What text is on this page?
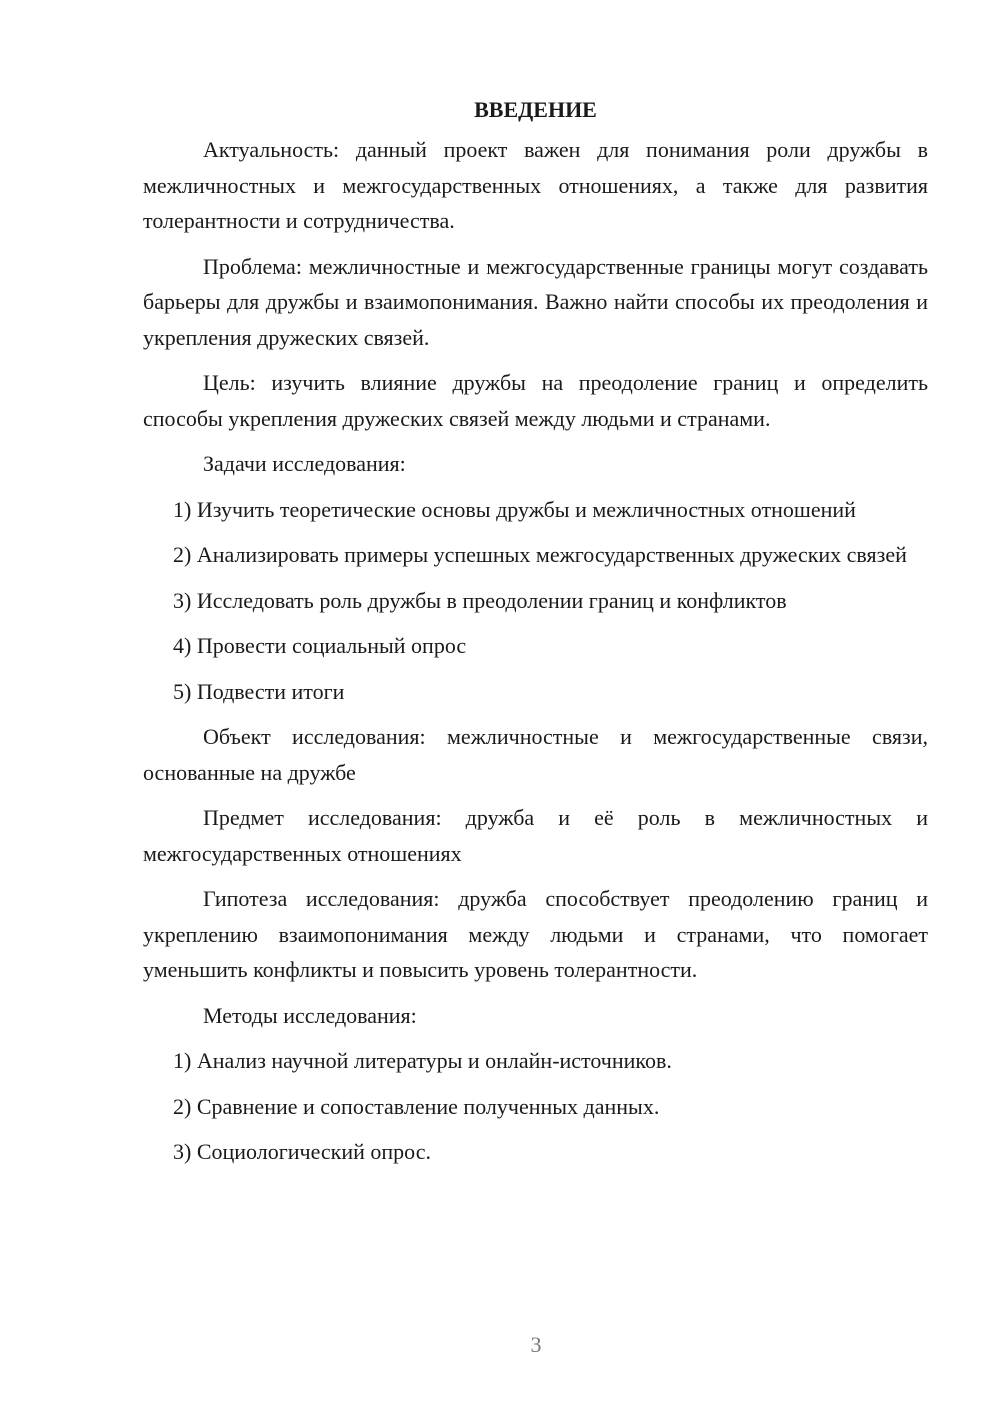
ВВЕДЕНИЕ

Актуальность: данный проект важен для понимания роли дружбы в межличностных и межгосударственных отношениях, а также для развития толерантности и сотрудничества.

Проблема: межличностные и межгосударственные границы могут создавать барьеры для дружбы и взаимопонимания. Важно найти способы их преодоления и укрепления дружеских связей.

Цель: изучить влияние дружбы на преодоление границ и определить способы укрепления дружеских связей между людьми и странами.

Задачи исследования:

1) Изучить теоретические основы дружбы и межличностных отношений

2) Анализировать примеры успешных межгосударственных дружеских связей

3) Исследовать роль дружбы в преодолении границ и конфликтов

4) Провести социальный опрос

5) Подвести итоги

Объект исследования: межличностные и межгосударственные связи, основанные на дружбе

Предмет исследования: дружба и её роль в межличностных и межгосударственных отношениях

Гипотеза исследования: дружба способствует преодолению границ и укреплению взаимопонимания между людьми и странами, что помогает уменьшить конфликты и повысить уровень толерантности.

Методы исследования:

1) Анализ научной литературы и онлайн-источников.

2) Сравнение и сопоставление полученных данных.

3) Социологический опрос.

3
